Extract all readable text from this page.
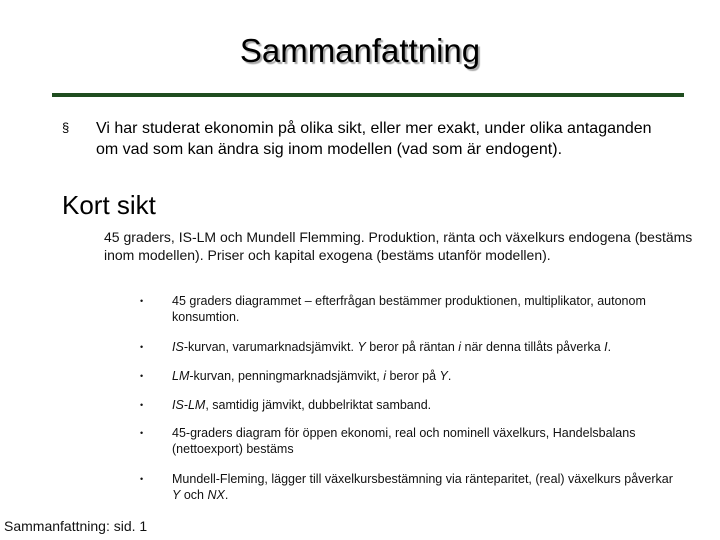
Sammanfattning
§ Vi har studerat ekonomin på olika sikt, eller mer exakt, under olika antaganden om vad som kan ändra sig inom modellen (vad som är endogent).
Kort sikt
45 graders, IS-LM och Mundell Flemming. Produktion, ränta och växelkurs endogena (bestäms inom modellen). Priser och kapital exogena (bestäms utanför modellen).
• 45 graders diagrammet – efterfrågan bestämmer produktionen, multiplikator, autonom konsumtion.
• IS-kurvan, varumarknadsjämvikt. Y beror på räntan i när denna tillåts påverka I.
• LM-kurvan, penningmarknadsjämvikt, i beror på Y.
• IS-LM, samtidig jämvikt, dubbelriktat samband.
• 45-graders diagram för öppen ekonomi, real och nominell växelkurs, Handelsbalans (nettoexport) bestäms
• Mundell-Fleming, lägger till växelkursbestämning via ränteparitet, (real) växelkurs påverkar Y och NX.
Sammanfattning: sid. 1
